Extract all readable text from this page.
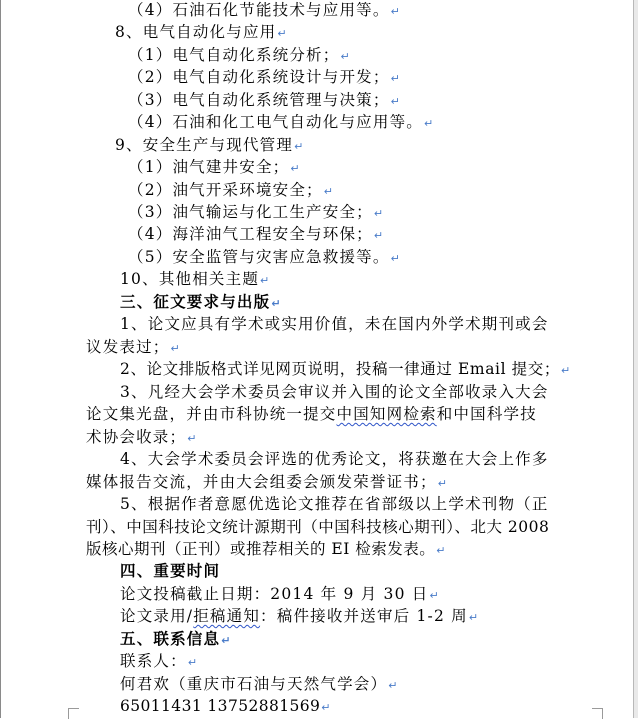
（4）石油石化节能技术与应用等。↵
8、电气自动化与应用↵
（1）电气自动化系统分析；↵
（2）电气自动化系统设计与开发；↵
（3）电气自动化系统管理与决策；↵
（4）石油和化工电气自动化与应用等。↵
9、安全生产与现代管理↵
（1）油气建井安全；↵
（2）油气开采环境安全；↵
（3）油气输运与化工生产安全；↵
（4）海洋油气工程安全与环保；↵
（5）安全监管与灾害应急救援等。↵
10、其他相关主题↵
三、征文要求与出版↵
1、论文应具有学术或实用价值，未在国内外学术期刊或会
议发表过；↵
2、论文排版格式详见网页说明，投稿一律通过 Email 提交；↵
3、凡经大会学术委员会审议并入围的论文全部收录入大会
论文集光盘，并由市科协统一提交中国知网检索和中国科学技
术协会收录；↵
4、大会学术委员会评选的优秀论文，将获邀在大会上作多
媒体报告交流，并由大会组委会颁发荣誉证书；↵
5、根据作者意愿优选论文推荐在省部级以上学术刊物（正
刊）、中国科技论文统计源期刊（中国科技核心期刊）、北大 2008
版核心期刊（正刊）或推荐相关的 EI 检索发表。↵
四、重要时间
论文投稿截止日期：2014 年 9 月 30 日↵
论文录用/拒稿通知：稿件接收并送审后 1-2 周↵
五、联系信息↵
联系人：↵
何君欢（重庆市石油与天然气学会）↵
65011431 13752881569↵
